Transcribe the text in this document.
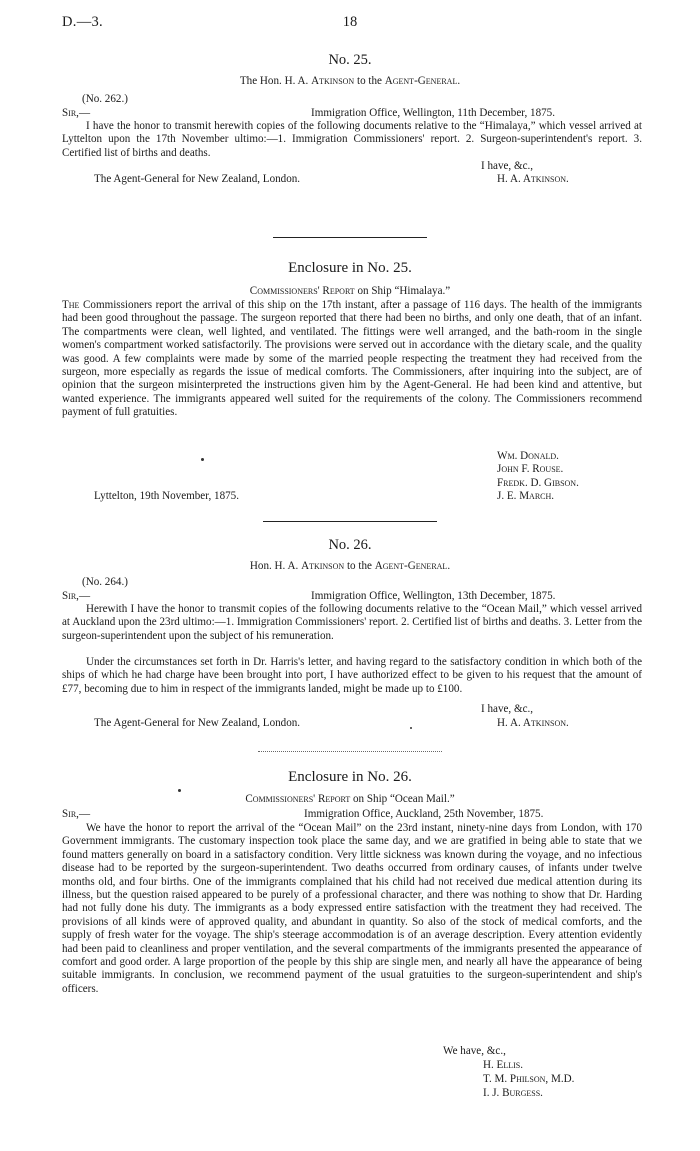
D.—3.	18
No. 25.
The Hon. H. A. Atkinson to the Agent-General.
(No. 262.)
Sir,—	Immigration Office, Wellington, 11th December, 1875.
I have the honor to transmit herewith copies of the following documents relative to the “Himalaya,” which vessel arrived at Lyttelton upon the 17th November ultimo:—1. Immigration Commissioners' report. 2. Surgeon-superintendent's report. 3. Certified list of births and deaths.
I have, &c.,
The Agent-General for New Zealand, London.	H. A. Atkinson.
Enclosure in No. 25.
Commissioners' Report on Ship “Himalaya.”
The Commissioners report the arrival of this ship on the 17th instant, after a passage of 116 days. The health of the immigrants had been good throughout the passage. The surgeon reported that there had been no births, and only one death, that of an infant. The compartments were clean, well lighted, and ventilated. The fittings were well arranged, and the bath-room in the single women's compartment worked satisfactorily. The provisions were served out in accordance with the dietary scale, and the quality was good. A few complaints were made by some of the married people respecting the treatment they had received from the surgeon, more especially as regards the issue of medical comforts. The Commissioners, after inquiring into the subject, are of opinion that the surgeon misinterpreted the instructions given him by the Agent-General. He had been kind and attentive, but wanted experience. The immigrants appeared well suited for the requirements of the colony. The Commissioners recommend payment of full gratuities.
Wm. Donald.
John F. Rouse.
Fredk. D. Gibson.
J. E. March.
Lyttelton, 19th November, 1875.
No. 26.
Hon. H. A. Atkinson to the Agent-General.
(No. 264.)
Sir,—	Immigration Office, Wellington, 13th December, 1875.
Herewith I have the honor to transmit copies of the following documents relative to the “Ocean Mail,” which vessel arrived at Auckland upon the 23rd ultimo:—1. Immigration Commissioners' report. 2. Certified list of births and deaths. 3. Letter from the surgeon-superintendent upon the subject of his remuneration.
Under the circumstances set forth in Dr. Harris's letter, and having regard to the satisfactory condition in which both of the ships of which he had charge have been brought into port, I have authorized effect to be given to his request that the amount of £77, becoming due to him in respect of the immigrants landed, might be made up to £100.
I have, &c.,
The Agent-General for New Zealand, London.	H. A. Atkinson.
Enclosure in No. 26.
Commissioners' Report on Ship “Ocean Mail.”
Sir,—	Immigration Office, Auckland, 25th November, 1875.
We have the honor to report the arrival of the “Ocean Mail” on the 23rd instant, ninety-nine days from London, with 170 Government immigrants. The customary inspection took place the same day, and we are gratified in being able to state that we found matters generally on board in a satisfactory condition. Very little sickness was known during the voyage, and no infectious disease had to be reported by the surgeon-superintendent. Two deaths occurred from ordinary causes, of infants under twelve months old, and four births. One of the immigrants complained that his child had not received due medical attention during its illness, but the question raised appeared to be purely of a professional character, and there was nothing to show that Dr. Harding had not fully done his duty. The immigrants as a body expressed entire satisfaction with the treatment they had received. The provisions of all kinds were of approved quality, and abundant in quantity. So also of the stock of medical comforts, and the supply of fresh water for the voyage. The ship's steerage accommodation is of an average description. Every attention evidently had been paid to cleanliness and proper ventilation, and the several compartments of the immigrants presented the appearance of comfort and good order. A large proportion of the people by this ship are single men, and nearly all have the appearance of being suitable immigrants. In conclusion, we recommend payment of the usual gratuities to the surgeon-superintendent and ship's officers.
We have, &c.,
H. Ellis.
T. M. Philson, M.D.
I. J. Burgess.
